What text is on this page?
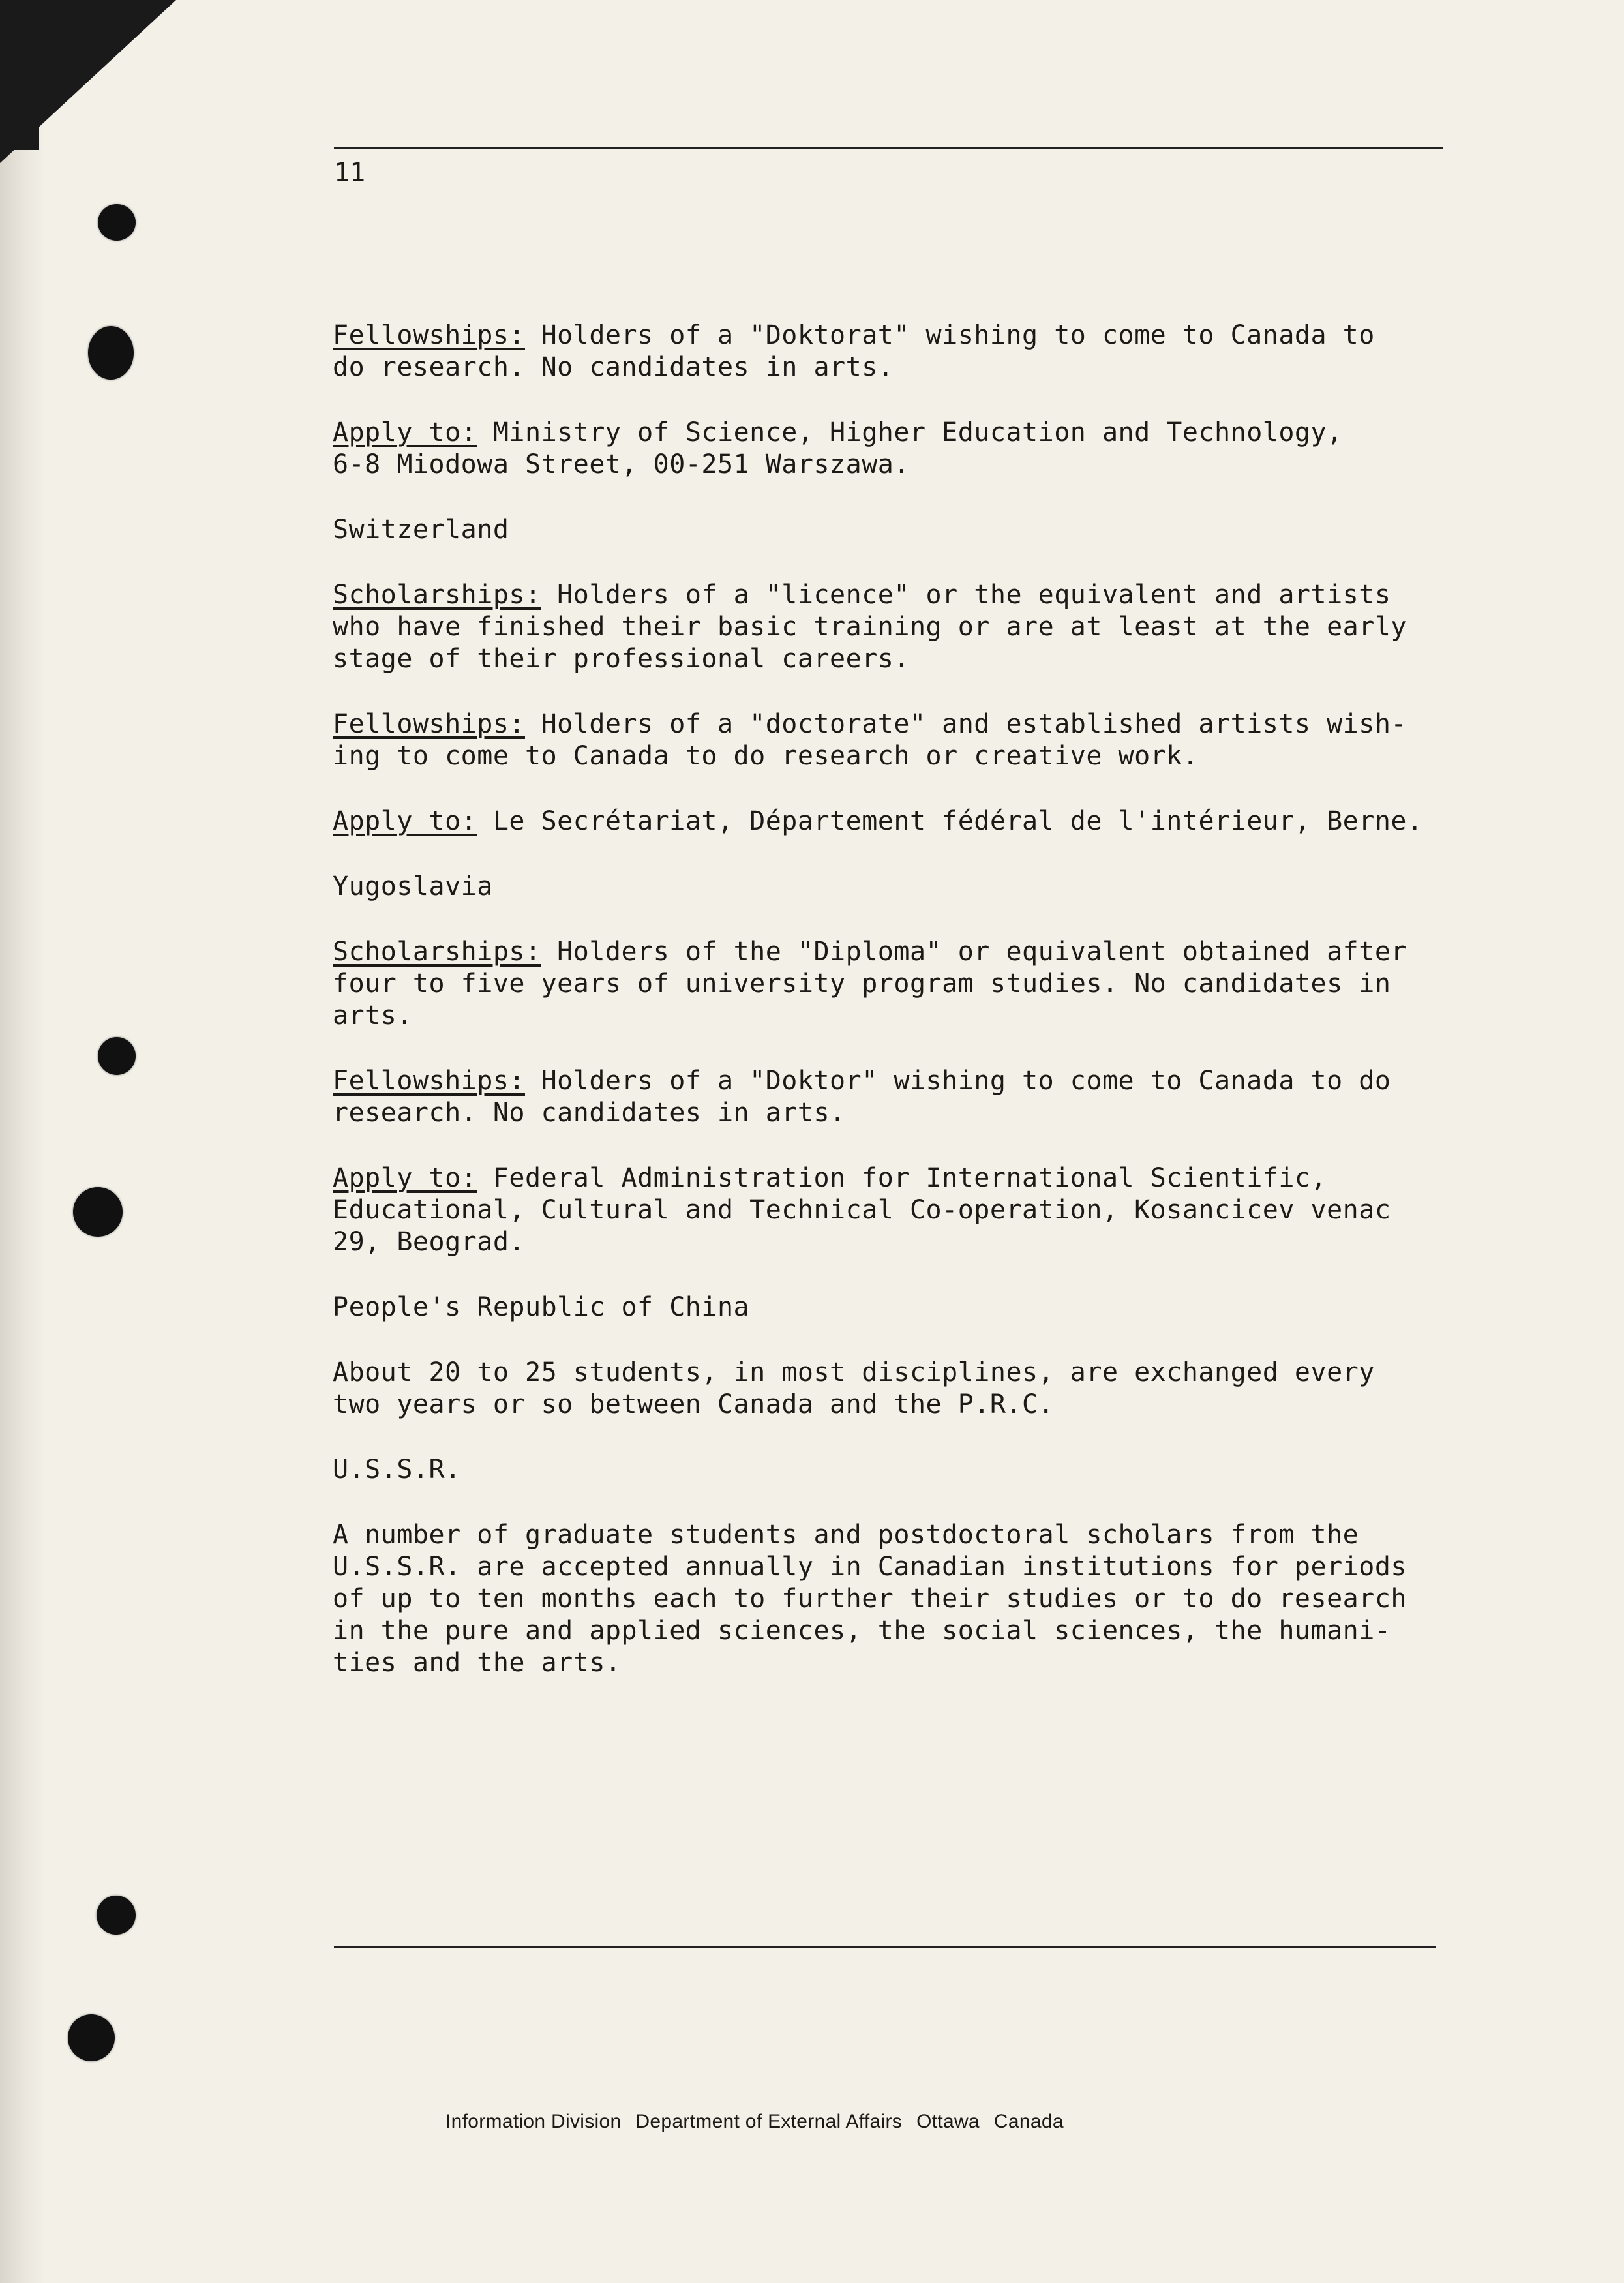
11

Fellowships: Holders of a "Doktorat" wishing to come to Canada to
do research. No candidates in arts.

Apply to: Ministry of Science, Higher Education and Technology,
6-8 Miodowa Street, 00-251 Warszawa.

Switzerland

Scholarships: Holders of a "licence" or the equivalent and artists
who have finished their basic training or are at least at the early
stage of their professional careers.

Fellowships: Holders of a "doctorate" and established artists wish-
ing to come to Canada to do research or creative work.

Apply to: Le Secrétariat, Département fédéral de l'intérieur, Berne.

Yugoslavia

Scholarships: Holders of the "Diploma" or equivalent obtained after
four to five years of university program studies. No candidates in
arts.

Fellowships: Holders of a "Doktor" wishing to come to Canada to do
research. No candidates in arts.

Apply to: Federal Administration for International Scientific,
Educational, Cultural and Technical Co-operation, Kosancicev venac
29, Beograd.

People's Republic of China

About 20 to 25 students, in most disciplines, are exchanged every
two years or so between Canada and the P.R.C.

U.S.S.R.

A number of graduate students and postdoctoral scholars from the
U.S.S.R. are accepted annually in Canadian institutions for periods
of up to ten months each to further their studies or to do research
in the pure and applied sciences, the social sciences, the humani-
ties and the arts.

Information Division Department of External Affairs Ottawa Canada
